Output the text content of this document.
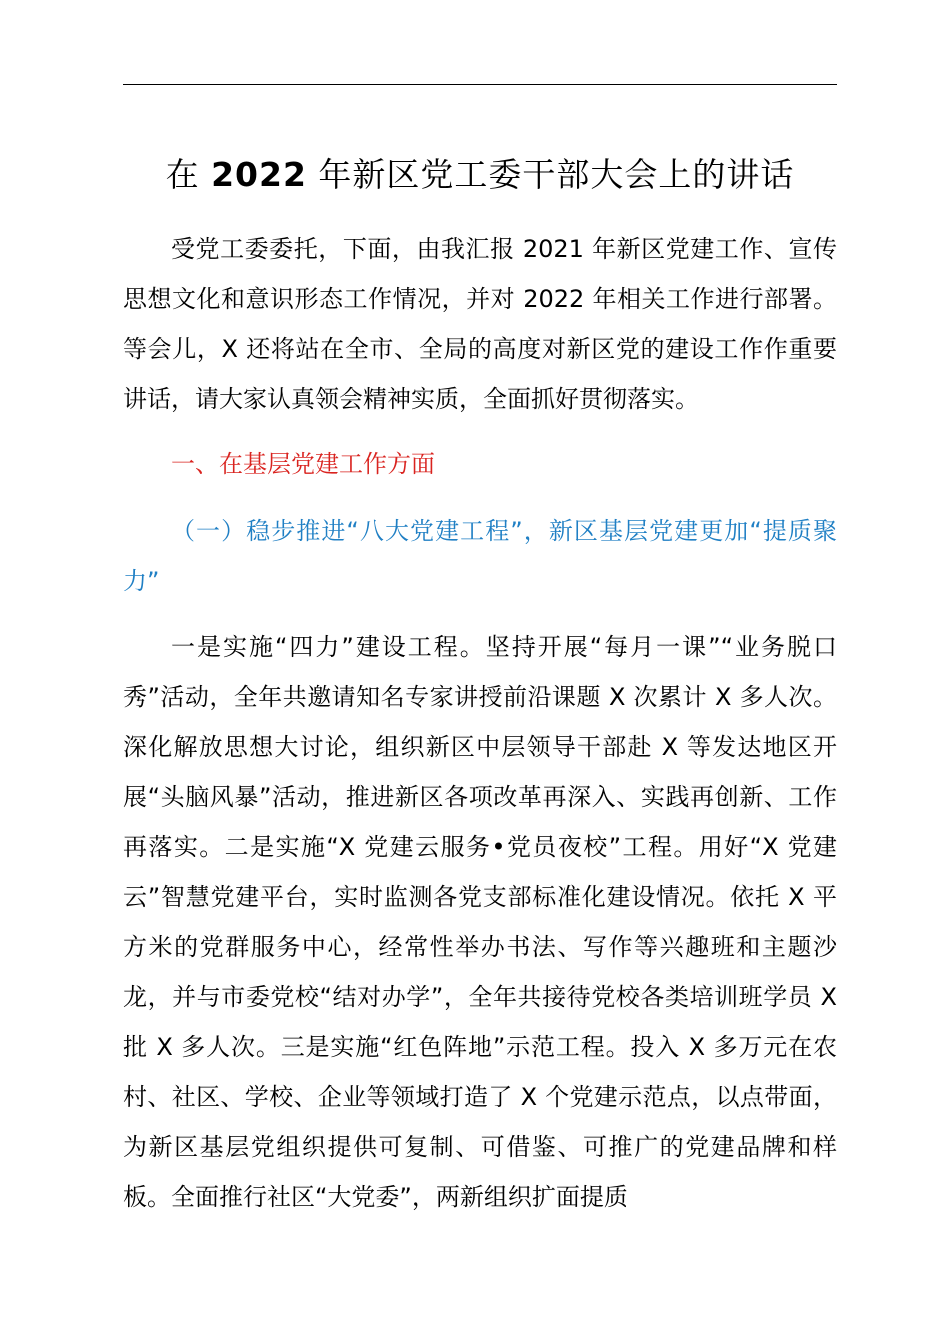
在 2022 年新区党工委干部大会上的讲话

受党工委委托，下面，由我汇报 2021 年新区党建工作、宣传思想文化和意识形态工作情况，并对 2022 年相关工作进行部署。等会儿，X 还将站在全市、全局的高度对新区党的建设工作作重要讲话，请大家认真领会精神实质，全面抓好贯彻落实。

一、在基层党建工作方面

（一）稳步推进“八大党建工程”，新区基层党建更加“提质聚力”

一是实施“四力”建设工程。坚持开展“每月一课”“业务脱口秀”活动，全年共邀请知名专家讲授前沿课题 X 次累计 X 多人次。深化解放思想大讨论，组织新区中层领导干部赴 X 等发达地区开展“头脑风暴”活动，推进新区各项改革再深入、实践再创新、工作再落实。二是实施“X 党建云服务•党员夜校”工程。用好“X 党建云”智慧党建平台，实时监测各党支部标准化建设情况。依托 X 平方米的党群服务中心，经常性举办书法、写作等兴趣班和主题沙龙，并与市委党校“结对办学”，全年共接待党校各类培训班学员 X 批 X 多人次。三是实施“红色阵地”示范工程。投入 X 多万元在农村、社区、学校、企业等领域打造了 X 个党建示范点，以点带面，为新区基层党组织提供可复制、可借鉴、可推广的党建品牌和样板。全面推行社区“大党委”，两新组织扩面提质
